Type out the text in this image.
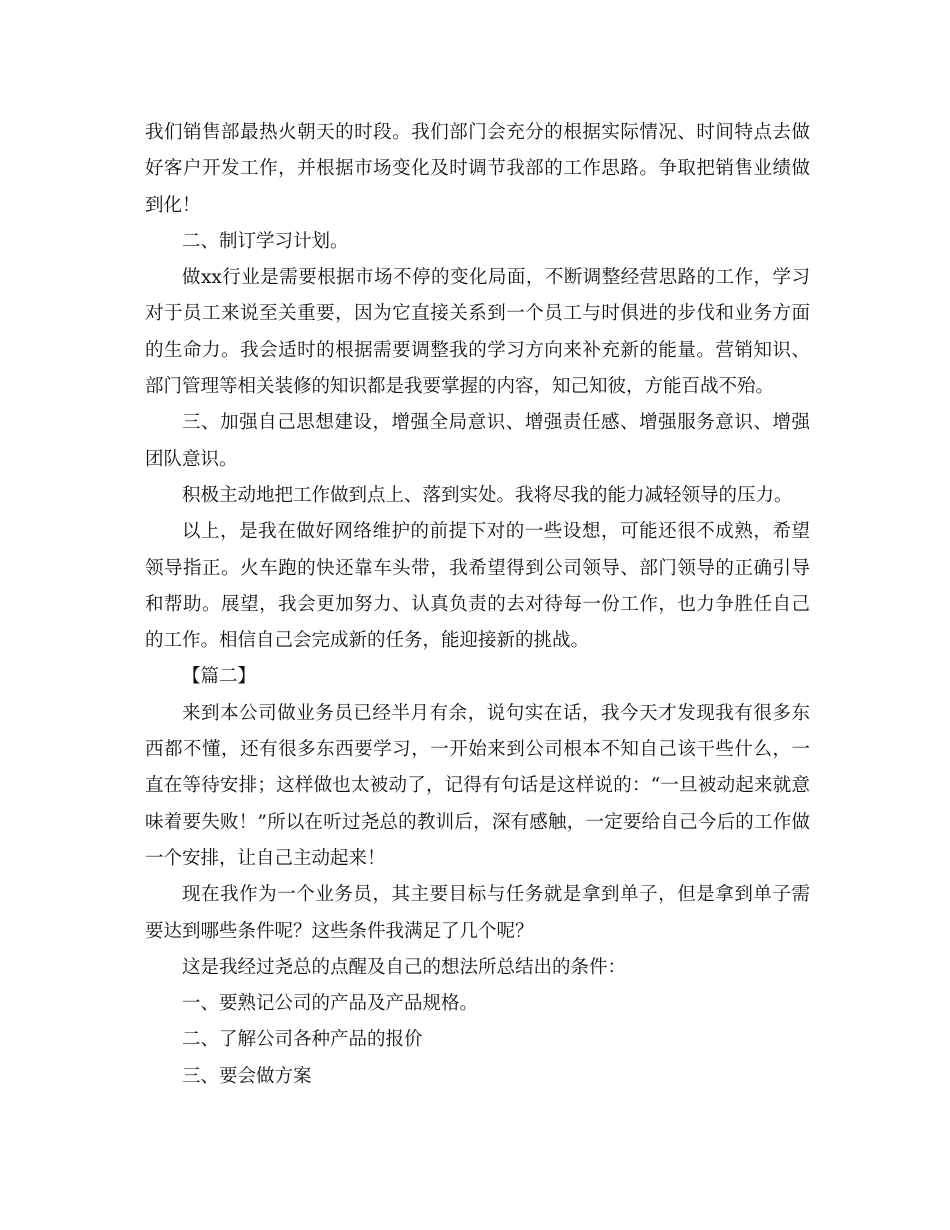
我们销售部最热火朝天的时段。我们部门会充分的根据实际情况、时间特点去做好客户开发工作，并根据市场变化及时调节我部的工作思路。争取把销售业绩做到化！

二、制订学习计划。

做xx行业是需要根据市场不停的变化局面，不断调整经营思路的工作，学习对于员工来说至关重要，因为它直接关系到一个员工与时俱进的步伐和业务方面的生命力。我会适时的根据需要调整我的学习方向来补充新的能量。营销知识、部门管理等相关装修的知识都是我要掌握的内容，知己知彼，方能百战不殆。

三、加强自己思想建设，增强全局意识、增强责任感、增强服务意识、增强团队意识。

积极主动地把工作做到点上、落到实处。我将尽我的能力减轻领导的压力。

以上，是我在做好网络维护的前提下对的一些设想，可能还很不成熟，希望领导指正。火车跑的快还靠车头带，我希望得到公司领导、部门领导的正确引导和帮助。展望，我会更加努力、认真负责的去对待每一份工作，也力争胜任自己的工作。相信自己会完成新的任务，能迎接新的挑战。

【篇二】

来到本公司做业务员已经半月有余，说句实在话，我今天才发现我有很多东西都不懂，还有很多东西要学习，一开始来到公司根本不知自己该干些什么，一直在等待安排；这样做也太被动了，记得有句话是这样说的：“一旦被动起来就意味着要失败！”所以在听过尧总的教训后，深有感触，一定要给自己今后的工作做一个安排，让自己主动起来！

现在我作为一个业务员，其主要目标与任务就是拿到单子，但是拿到单子需要达到哪些条件呢？这些条件我满足了几个呢？

这是我经过尧总的点醒及自己的想法所总结出的条件：

一、要熟记公司的产品及产品规格。

二、了解公司各种产品的报价

三、要会做方案
